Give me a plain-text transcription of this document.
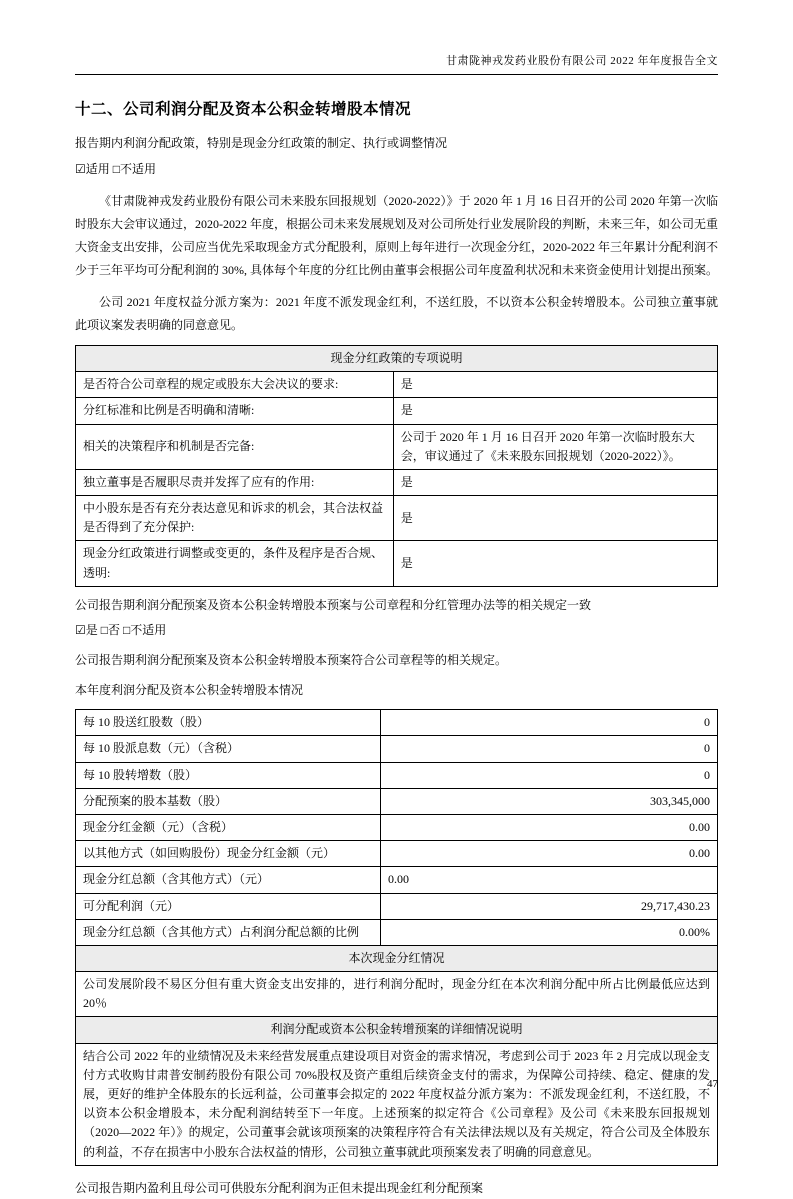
甘肃陇神戎发药业股份有限公司 2022 年年度报告全文
十二、公司利润分配及资本公积金转增股本情况
报告期内利润分配政策，特别是现金分红政策的制定、执行或调整情况
☑适用 □不适用

《甘肃陇神戎发药业股份有限公司未来股东回报规划（2020-2022）》于 2020 年 1 月 16 日召开的公司 2020 年第一次临时股东大会审议通过，2020-2022 年度，根据公司未来发展规划及对公司所处行业发展阶段的判断，未来三年，如公司无重大资金支出安排，公司应当优先采取现金方式分配股利，原则上每年进行一次现金分红，2020-2022 年三年累计分配利润不少于三年平均可分配利润的 30%, 具体每个年度的分红比例由董事会根据公司年度盈利状况和未来资金使用计划提出预案。

公司 2021 年度权益分派方案为：2021 年度不派发现金红利，不送红股，不以资本公积金转增股本。公司独立董事就此项议案发表明确的同意意见。

现金分红政策的专项说明	
是否符合公司章程的规定或股东大会决议的要求:	是
分红标准和比例是否明确和清晰:	是
相关的决策程序和机制是否完备:	公司于 2020 年 1 月 16 日召开 2020 年第一次临时股东大会，审议通过了《未来股东回报规划（2020-2022）》。
独立董事是否履职尽责并发挥了应有的作用:	是
中小股东是否有充分表达意见和诉求的机会，其合法权益是否得到了充分保护:	是
现金分红政策进行调整或变更的，条件及程序是否合规、透明:	是
公司报告期利润分配预案及资本公积金转增股本预案与公司章程和分红管理办法等的相关规定一致
☑是 □否 □不适用
公司报告期利润分配预案及资本公积金转增股本预案符合公司章程等的相关规定。
本年度利润分配及资本公积金转增股本情况
每 10 股送红股数（股）	0
每 10 股派息数（元）（含税）	0
每 10 股转增数（股）	0
分配预案的股本基数（股）	303,345,000
现金分红金额（元）（含税）	0.00
以其他方式（如回购股份）现金分红金额（元）	0.00
现金分红总额（含其他方式）（元）	0.00
可分配利润（元）	29,717,430.23
现金分红总额（含其他方式）占利润分配总额的比例	0.00%
本次现金分红情况	
公司发展阶段不易区分但有重大资金支出安排的，进行利润分配时，现金分红在本次利润分配中所占比例最低应达到 20％	
利润分配或资本公积金转增预案的详细情况说明	
结合公司 2022 年的业绩情况及未来经营发展重点建设项目对资金的需求情况，考虑到公司于 2023 年 2 月完成以现金支付方式收购甘肃普安制药股份有限公司 70%股权及资产重组后续资金支付的需求，为保障公司持续、稳定、健康的发展，更好的维护全体股东的长远利益，公司董事会拟定的 2022 年度权益分派方案为：不派发现金红利，不送红股，不以资本公积金增股本，未分配利润结转至下一年度。上述预案的拟定符合《公司章程》及公司《未来股东回报规划（2020—2022 年）》的规定，公司董事会就该项预案的决策程序符合有关法律法规以及有关规定，符合公司及全体股东的利益，不存在损害中小股东合法权益的情形，公司独立董事就此项预案发表了明确的同意意见。	
公司报告期内盈利且母公司可供股东分配利润为正但未提出现金红利分配预案
47
